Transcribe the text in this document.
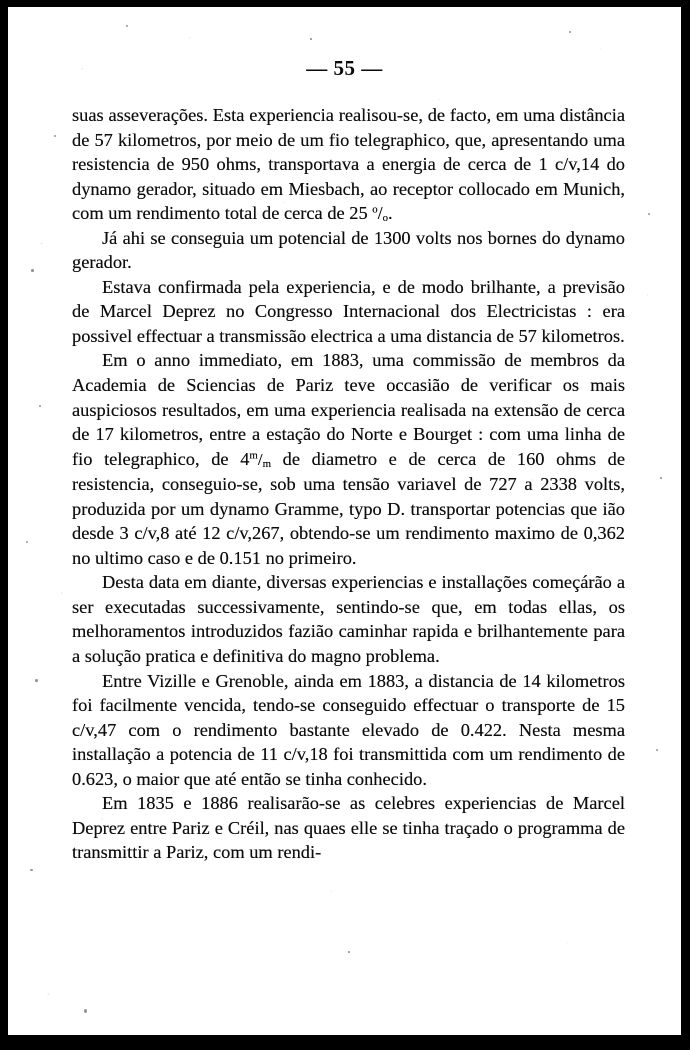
— 55 —

suas asseverações. Esta experiencia realisou-se, de facto, em uma distância de 57 kilometros, por meio de um fio telegraphico, que, apresentando uma resistencia de 950 ohms, transportava a energia de cerca de 1 c/v,14 do dynamo gerador, situado em Miesbach, ao receptor collocado em Munich, com um rendimento total de cerca de 25 $^o/_o$.

Já ahi se conseguia um potencial de 1300 volts nos bornes do dynamo gerador.

Estava confirmada pela experiencia, e de modo brilhante, a previsão de Marcel Deprez no Congresso Internacional dos Electricistas : era possivel effectuar a transmissão electrica a uma distancia de 57 kilometros.

Em o anno immediato, em 1883, uma commissão de membros da Academia de Sciencias de Pariz teve occasião de verificar os mais auspiciosos resultados, em uma experiencia realisada na extensão de cerca de 17 kilometros, entre a estação do Norte e Bourget : com uma linha de fio telegraphico, de $4^m/_m$ de diametro e de cerca de 160 ohms de resistencia, conseguio-se, sob uma tensão variavel de 727 a 2338 volts, produzida por um dynamo Gramme, typo D. transportar potencias que ião desde 3 c/v,8 até 12 c/v,267, obtendo-se um rendimento maximo de 0,362 no ultimo caso e de 0.151 no primeiro.

Desta data em diante, diversas experiencias e installações começárão a ser executadas successivamente, sentindo-se que, em todas ellas, os melhoramentos introduzidos fazião caminhar rapida e brilhantemente para a solução pratica e definitiva do magno problema.

Entre Vizille e Grenoble, ainda em 1883, a distancia de 14 kilometros foi facilmente vencida, tendo-se conseguido effectuar o transporte de 15 c/v,47 com o rendimento bastante elevado de 0.422. Nesta mesma installação a potencia de 11 c/v,18 foi transmittida com um rendimento de 0.623, o maior que até então se tinha conhecido.

Em 1835 e 1886 realisarão-se as celebres experiencias de Marcel Deprez entre Pariz e Créil, nas quaes elle se tinha traçado o programma de transmittir a Pariz, com um rendi-
